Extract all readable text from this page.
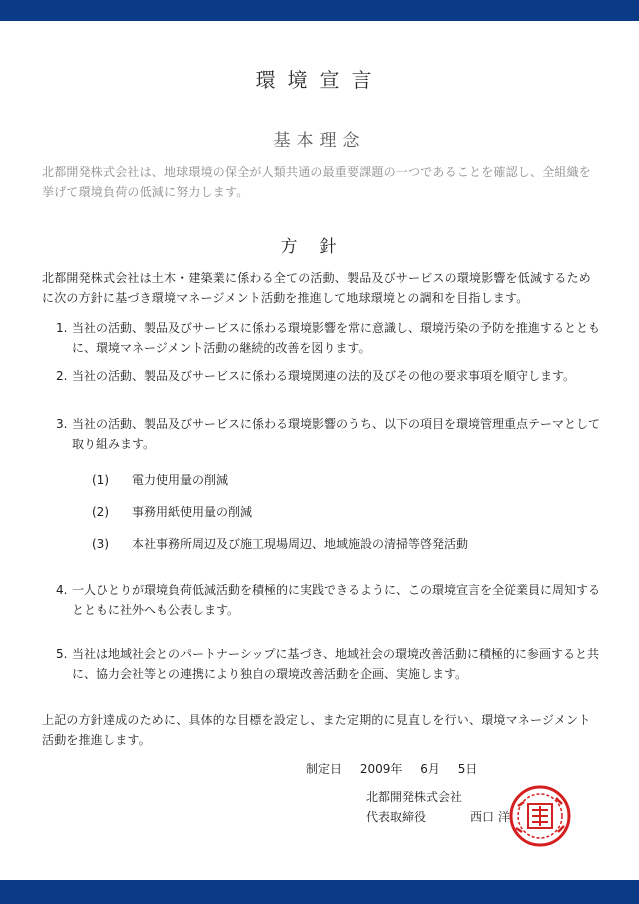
環境宣言
基本理念
北都開発株式会社は、地球環境の保全が人類共通の最重要課題の一つであることを確認し、全組織を挙げて環境負荷の低減に努力します。
方針
北都開発株式会社は土木・建築業に係わる全ての活動、製品及びサービスの環境影響を低減するために次の方針に基づき環境マネージメント活動を推進して地球環境との調和を目指します。
1. 当社の活動、製品及びサービスに係わる環境影響を常に意識し、環境汚染の予防を推進するとともに、環境マネージメント活動の継続的改善を図ります。
2. 当社の活動、製品及びサービスに係わる環境関連の法的及びその他の要求事項を順守します。
3. 当社の活動、製品及びサービスに係わる環境影響のうち、以下の項目を環境管理重点テーマとして取り組みます。
(1)	電力使用量の削減
(2)	事務用紙使用量の削減
(3)	本社事務所周辺及び施工現場周辺、地域施設の清掃等啓発活動
4. 一人ひとりが環境負荷低減活動を積極的に実践できるように、この環境宣言を全従業員に周知するとともに社外へも公表します。
5. 当社は地域社会とのパートナーシップに基づき、地域社会の環境改善活動に積極的に参画すると共に、協力会社等との連携により独自の環境改善活動を企画、実施します。
上記の方針達成のために、具体的な目標を設定し、また定期的に見直しを行い、環境マネージメント活動を推進します。
制定日 2009年 6月 5日
北都開発株式会社
代表取締役	西口 洋
